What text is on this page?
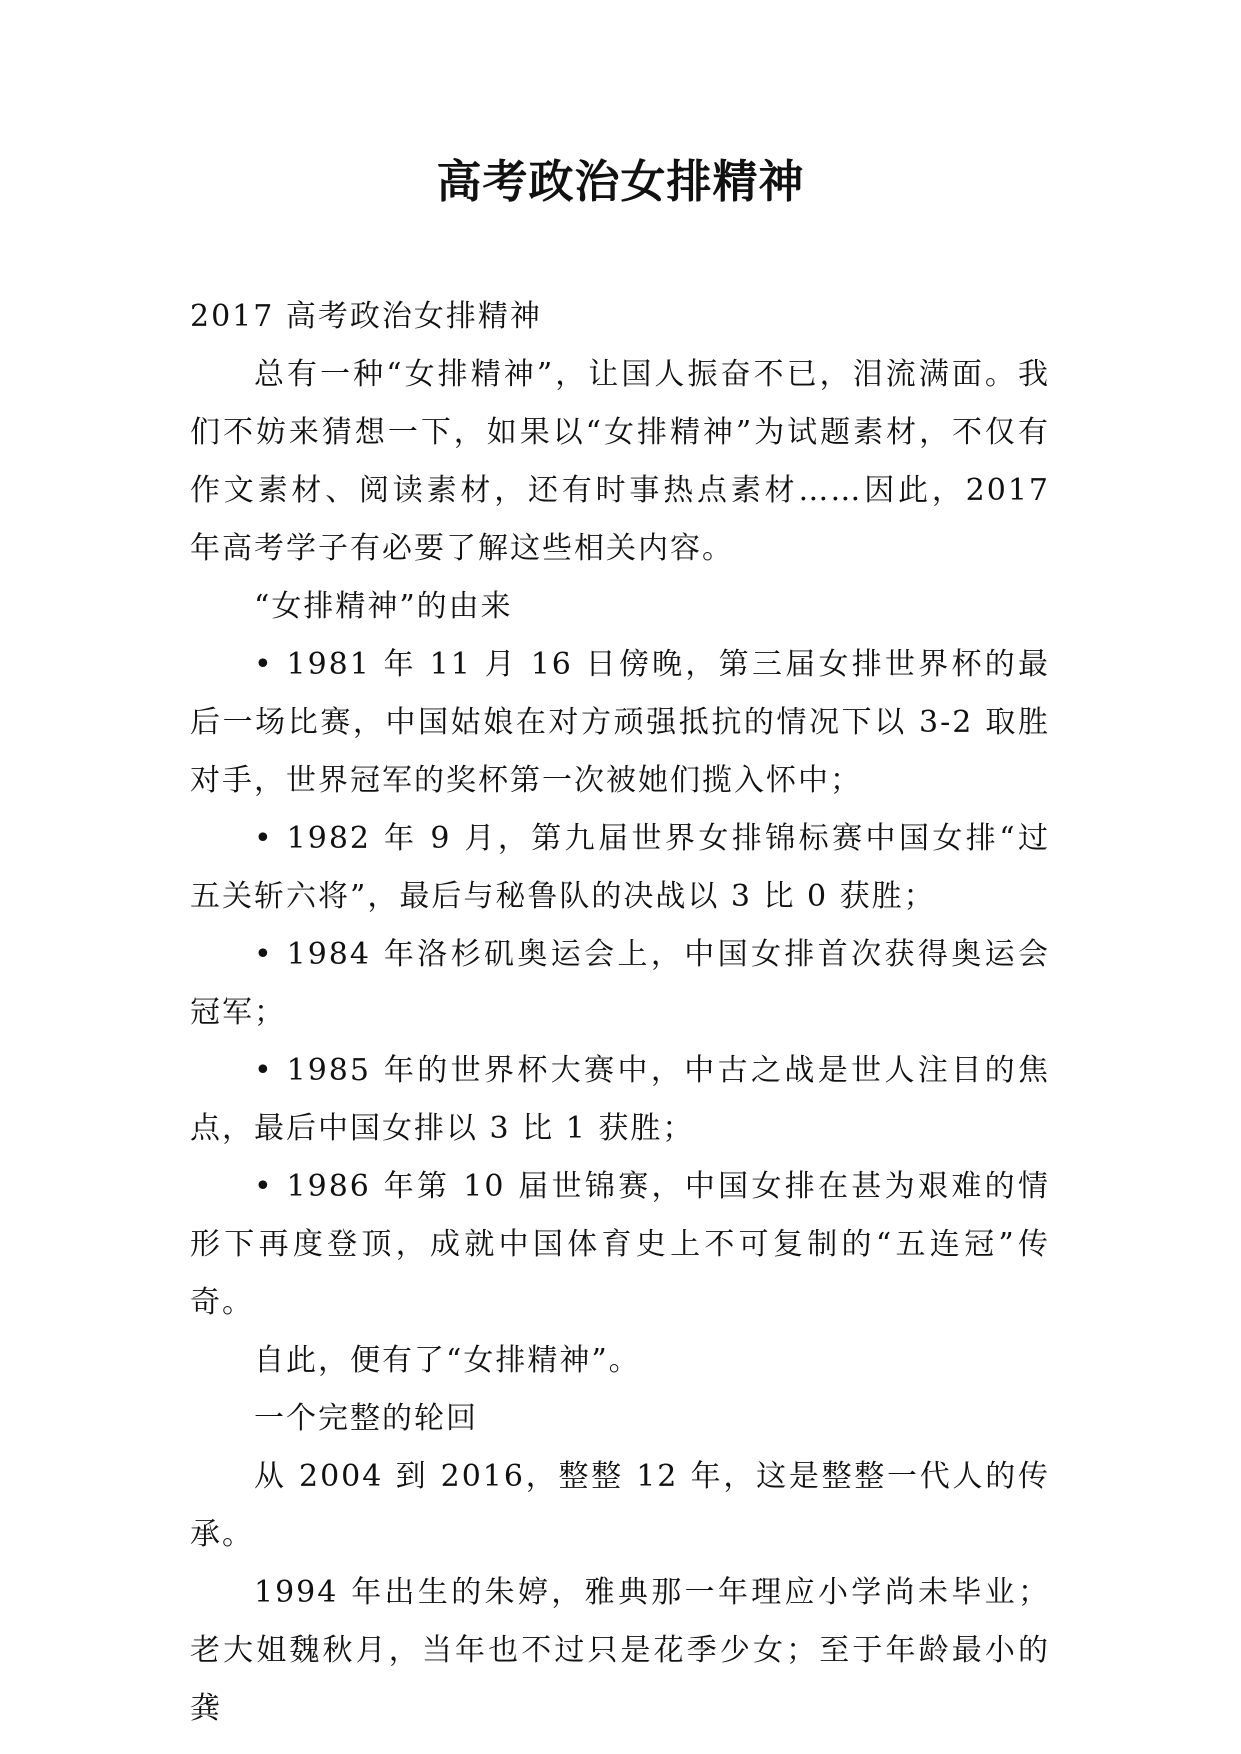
高考政治女排精神

2017 高考政治女排精神

总有一种“女排精神”，让国人振奋不已，泪流满面。我们不妨来猜想一下，如果以“女排精神”为试题素材，不仅有作文素材、阅读素材，还有时事热点素材……因此，2017 年高考学子有必要了解这些相关内容。

“女排精神”的由来

• 1981 年 11 月 16 日傍晚，第三届女排世界杯的最后一场比赛，中国姑娘在对方顽强抵抗的情况下以 3-2 取胜对手，世界冠军的奖杯第一次被她们揽入怀中；

• 1982 年 9 月，第九届世界女排锦标赛中国女排“过五关斩六将”，最后与秘鲁队的决战以 3 比 0 获胜；

• 1984 年洛杉矶奥运会上，中国女排首次获得奥运会冠军；

• 1985 年的世界杯大赛中，中古之战是世人注目的焦点，最后中国女排以 3 比 1 获胜；

• 1986 年第 10 届世锦赛，中国女排在甚为艰难的情形下再度登顶，成就中国体育史上不可复制的“五连冠”传奇。

自此，便有了“女排精神”。

一个完整的轮回

从 2004 到 2016，整整 12 年，这是整整一代人的传承。

1994 年出生的朱婷，雅典那一年理应小学尚未毕业；老大姐魏秋月，当年也不过只是花季少女；至于年龄最小的龚
